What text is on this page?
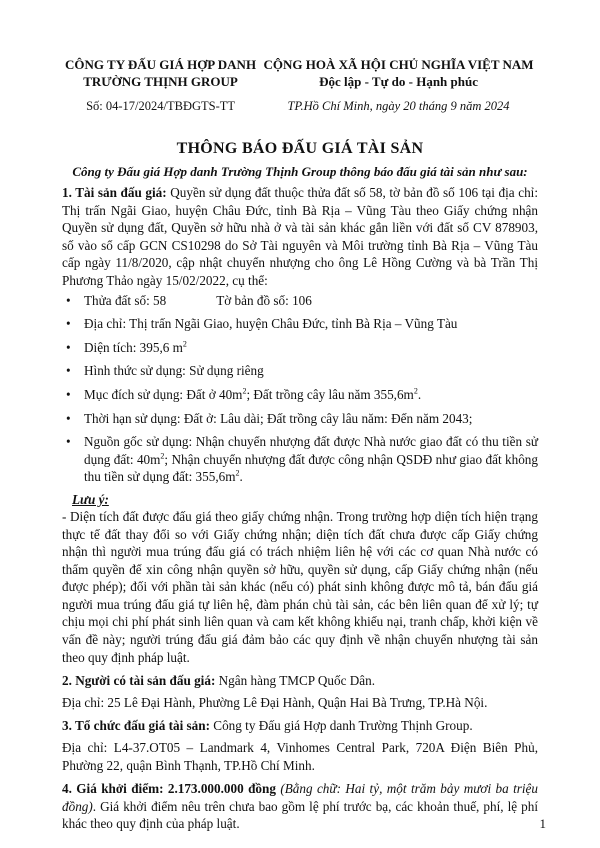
CÔNG TY ĐẤU GIÁ HỢP DANH
TRƯỜNG THỊNH GROUP
Số: 04-17/2024/TBĐGTS-TT
CỘNG HOÀ XÃ HỘI CHỦ NGHĨA VIỆT NAM
Độc lập - Tự do - Hạnh phúc
TP.Hồ Chí Minh, ngày 20 tháng 9 năm 2024
THÔNG BÁO ĐẤU GIÁ TÀI SẢN
Công ty Đấu giá Hợp danh Trường Thịnh Group thông báo đấu giá tài sản như sau:

1. Tài sản đấu giá: Quyền sử dụng đất thuộc thửa đất số 58, tờ bản đồ số 106 tại địa chỉ: Thị trấn Ngãi Giao, huyện Châu Đức, tỉnh Bà Rịa – Vũng Tàu theo Giấy chứng nhận Quyền sử dụng đất, Quyền sở hữu nhà ở và tài sản khác gắn liền với đất số CV 878903, số vào sổ cấp GCN CS10298 do Sở Tài nguyên và Môi trường tỉnh Bà Rịa – Vũng Tàu cấp ngày 11/8/2020, cập nhật chuyển nhượng cho ông Lê Hồng Cường và bà Trần Thị Phương Thảo ngày 15/02/2022, cụ thể:

• Thửa đất số: 58	Tờ bản đồ số: 106
• Địa chỉ: Thị trấn Ngãi Giao, huyện Châu Đức, tỉnh Bà Rịa – Vũng Tàu
• Diện tích: 395,6 $m^2$
• Hình thức sử dụng: Sử dụng riêng
• Mục đích sử dụng: Đất ở $40m^2$; Đất trồng cây lâu năm $355,6m^2$.
• Thời hạn sử dụng: Đất ở: Lâu dài; Đất trồng cây lâu năm: Đến năm 2043;
• Nguồn gốc sử dụng: Nhận chuyển nhượng đất được Nhà nước giao đất có thu tiền sử dụng đất: $40m^2$; Nhận chuyển nhượng đất được công nhận QSDĐ như giao đất không thu tiền sử dụng đất: $355,6m^2$.
Lưu ý:

- Diện tích đất được đấu giá theo giấy chứng nhận. Trong trường hợp diện tích hiện trạng thực tế đất thay đổi so với Giấy chứng nhận; diện tích đất chưa được cấp Giấy chứng nhận thì người mua trúng đấu giá có trách nhiệm liên hệ với các cơ quan Nhà nước có thẩm quyền để xin công nhận quyền sở hữu, quyền sử dụng, cấp Giấy chứng nhận (nếu được phép); đối với phần tài sản khác (nếu có) phát sinh không được mô tả, bán đấu giá người mua trúng đấu giá tự liên hệ, đàm phán chủ tài sản, các bên liên quan để xử lý; tự chịu mọi chi phí phát sinh liên quan và cam kết không khiếu nại, tranh chấp, khởi kiện về vấn đề này; người trúng đấu giá đảm bảo các quy định về nhận chuyển nhượng tài sản theo quy định pháp luật.

2. Người có tài sản đấu giá: Ngân hàng TMCP Quốc Dân.

Địa chỉ: 25 Lê Đại Hành, Phường Lê Đại Hành, Quận Hai Bà Trưng, TP.Hà Nội.

3. Tổ chức đấu giá tài sản: Công ty Đấu giá Hợp danh Trường Thịnh Group.

Địa chỉ: L4-37.OT05 – Landmark 4, Vinhomes Central Park, 720A Điện Biên Phủ, Phường 22, quận Bình Thạnh, TP.Hồ Chí Minh.

4. Giá khởi điểm: 2.173.000.000 đồng (Bằng chữ: Hai tỷ, một trăm bảy mươi ba triệu đồng). Giá khởi điểm nêu trên chưa bao gồm lệ phí trước bạ, các khoản thuế, phí, lệ phí khác theo quy định của pháp luật.	1
